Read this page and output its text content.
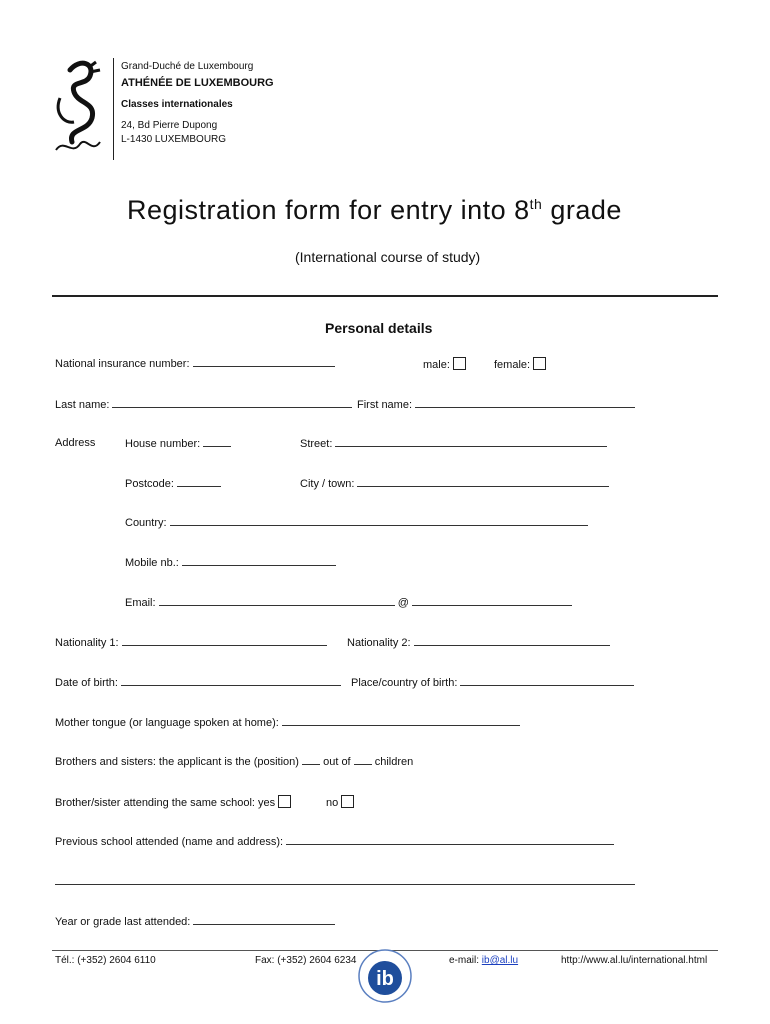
Grand-Duché de Luxembourg
ATHÉNÉE DE LUXEMBOURG
Classes internationales
24, Bd Pierre Dupong
L-1430 LUXEMBOURG
Registration form for entry into 8th grade
(International course of study)
Personal details
National insurance number:	male:	female:
Last name:	First name:
Address	House number:	Street:
Postcode:	City / town:
Country:
Mobile nb.:
Email:	@
Nationality 1:	Nationality 2:
Date of birth:	Place/country of birth:
Mother tongue (or language spoken at home):
Brothers and sisters: the applicant is the (position) out of children
Brother/sister attending the same school: yes	no
Previous school attended (name and address):
Year or grade last attended:
Tél.: (+352) 2604 6110	Fax: (+352) 2604 6234	e-mail: ib@al.lu	http://www.al.lu/international.html
ib
